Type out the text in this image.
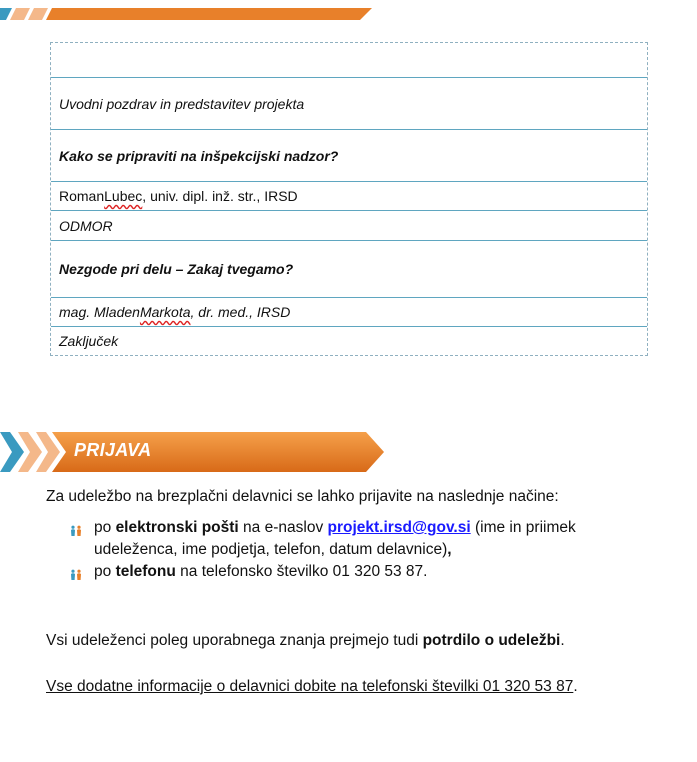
Uvodni pozdrav in predstavitev projekta
Kako se pripraviti na inšpekcijski nadzor?
Roman Lubec , univ. dipl. inž. str., IRSD
ODMOR
Nezgode pri delu – Zakaj tvegamo?
mag. Mladen Markota , dr. med., IRSD
Zaključek
PRIJAVA
Za udeležbo na brezplačni delavnici se lahko prijavite na naslednje načine:
po elektronski pošti na e-naslov projekt.irsd@gov.si (ime in priimek udeleženca, ime podjetja, telefon, datum delavnice),
po telefonu na telefonsko številko 01 320 53 87.
Vsi udeleženci poleg uporabnega znanja prejmejo tudi potrdilo o udeležbi.
Vse dodatne informacije o delavnici dobite na telefonski številki 01 320 53 87.
